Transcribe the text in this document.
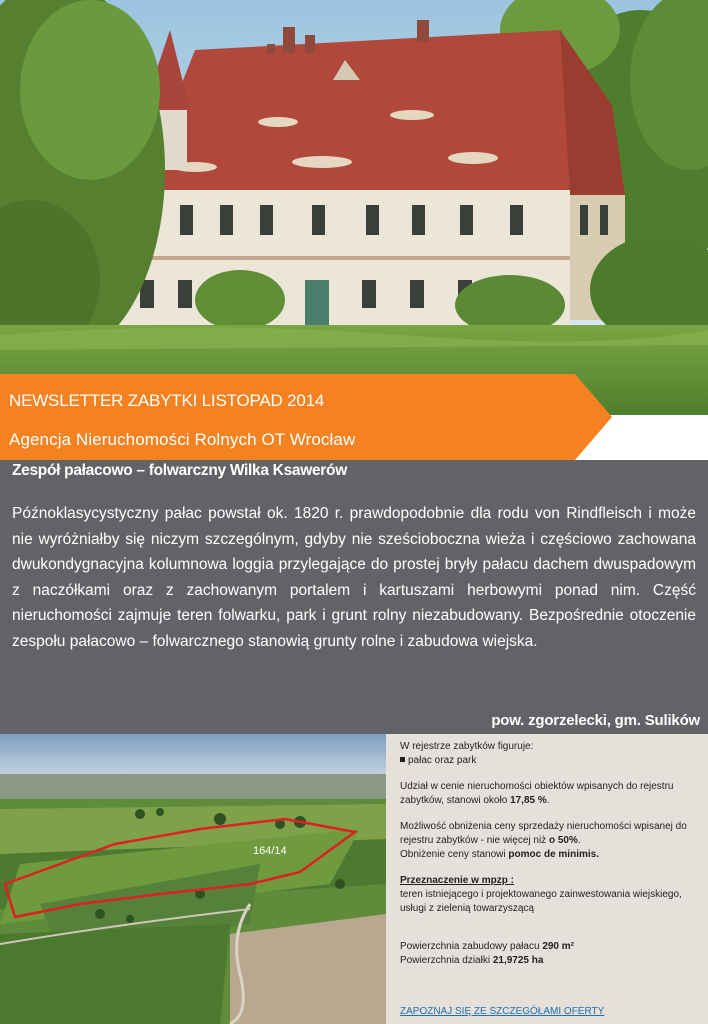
NEWSLETTER ZABYTKI LISTOPAD 2014
Agencja Nieruchomości Rolnych OT Wrocław
Zespół pałacowo – folwarczny Wilka Ksawerów

Późnoklasycystyczny pałac powstał ok. 1820 r. prawdopodobnie dla rodu von Rindfleisch i może nie wyróżniałby się niczym szczególnym, gdyby nie sześcioboczna wieża i częściowo zachowana dwukondygnacyjna kolumnowa loggia przylegające do prostej bryły pałacu dachem dwuspadowym z naczółkami oraz z zachowanym portalem i kartuszami herbowymi ponad nim. Część nieruchomości zajmuje teren folwarku, park i grunt rolny niezabudowany. Bezpośrednie otoczenie zespołu pałacowo – folwarcznego stanowią grunty rolne i zabudowa wiejska.

pow. zgorzelecki, gm. Sulików

164/14

W rejestrze zabytków figuruje:

pałac oraz park

Udział w cenie nieruchomości obiektów wpisanych do rejestru zabytków, stanowi około 17,85 %.

Możliwość obniżenia ceny sprzedaży nieruchomości wpisanej do rejestru zabytków - nie więcej niż o 50%.

Obniżenie ceny stanowi pomoc de minimis.

Przeznaczenie w mpzp :

teren istniejącego i projektowanego zainwestowania wiejskiego, usługi z zielenią towarzyszącą

Powierzchnia zabudowy pałacu 290 m²

Powierzchnia działki 21,9725 ha

ZAPOZNAJ SIĘ ZE SZCZEGÓŁAMI OFERTY
